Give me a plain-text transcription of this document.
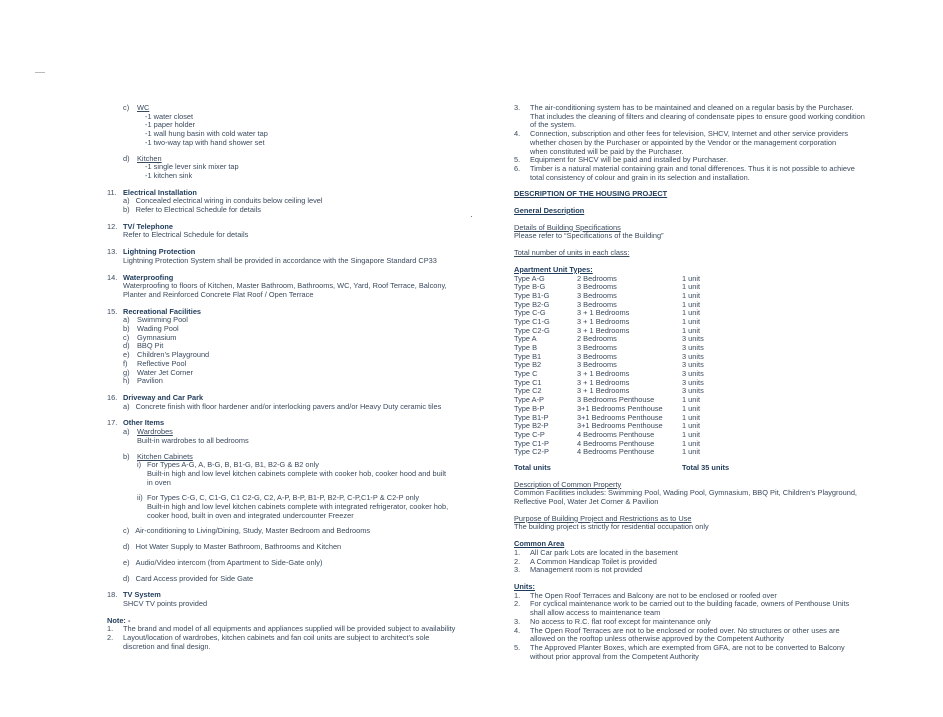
c) WC
-1 water closet
-1 paper holder
-1 wall hung basin with cold water tap
-1 two-way tap with hand shower set
d) Kitchen
-1 single lever sink mixer tap
-1 kitchen sink
11. Electrical Installation
a) Concealed electrical wiring in conduits below ceiling level
b) Refer to Electrical Schedule for details
12. TV/ Telephone
Refer to Electrical Schedule for details
13. Lightning Protection
Lightning Protection System shall be provided in accordance with the Singapore Standard CP33
14. Waterproofing
Waterproofing to floors of Kitchen, Master Bathroom, Bathrooms, WC, Yard, Roof Terrace, Balcony,
Planter and Reinforced Concrete Flat Roof / Open Terrace
15. Recreational Facilities
a) Swimming Pool
b) Wading Pool
c) Gymnasium
d) BBQ Pit
e) Children’s Playground
f) Reflective Pool
g) Water Jet Corner
h) Pavilion
16. Driveway and Car Park
a) Concrete finish with floor hardener and/or interlocking pavers and/or Heavy Duty ceramic tiles
17. Other Items
a) Wardrobes
Built-in wardrobes to all bedrooms
b) Kitchen Cabinets
i) For Types A-G, A, B-G, B, B1-G, B1, B2-G & B2 only
Built-in high and low level kitchen cabinets complete with cooker hob, cooker hood and built
in oven
ii) For Types C-G, C, C1-G, C1 C2-G, C2, A-P, B-P, B1-P, B2-P, C-P,C1-P & C2-P only
Built-in high and low level kitchen cabinets complete with integrated refrigerator, cooker hob,
cooker hood, built in oven and integrated undercounter Freezer
c) Air-conditioning to Living/Dining, Study, Master Bedroom and Bedrooms
d) Hot Water Supply to Master Bathroom, Bathrooms and Kitchen
e) Audio/Video intercom (from Apartment to Side-Gate only)
d) Card Access provided for Side Gate
18. TV System
SHCV TV points provided
Note: -
1. The brand and model of all equipments and appliances supplied will be provided subject to availability
2. Layout/location of wardrobes, kitchen cabinets and fan coil units are subject to architect’s sole
discretion and final design.
3. The air-conditioning system has to be maintained and cleaned on a regular basis by the Purchaser.
That includes the cleaning of filters and clearing of condensate pipes to ensure good working condition
of the system.
4. Connection, subscription and other fees for television, SHCV, Internet and other service providers
whether chosen by the Purchaser or appointed by the Vendor or the management corporation
when constituted will be paid by the Purchaser.
5. Equipment for SHCV will be paid and installed by Purchaser.
6. Timber is a natural material containing grain and tonal differences. Thus it is not possible to achieve
total consistency of colour and grain in its selection and installation.
DESCRIPTION OF THE HOUSING PROJECT
General Description
Details of Building Specifications
Please refer to “Specifications of the Building”
Total number of units in each class:
Apartment Unit Types:
Type A-G	2 Bedrooms	1 unit
Type B-G	3 Bedrooms	1 unit
Type B1-G	3 Bedrooms	1 unit
Type B2-G	3 Bedrooms	1 unit
Type C-G	3 + 1 Bedrooms	1 unit
Type C1-G	3 + 1 Bedrooms	1 unit
Type C2-G	3 + 1 Bedrooms	1 unit
Type A	2 Bedrooms	3 units
Type B	3 Bedrooms	3 units
Type B1	3 Bedrooms	3 units
Type B2	3 Bedrooms	3 units
Type C	3 + 1 Bedrooms	3 units
Type C1	3 + 1 Bedrooms	3 units
Type C2	3 + 1 Bedrooms	3 units
Type A-P	3 Bedrooms Penthouse	1 unit
Type B-P	3+1 Bedrooms Penthouse	1 unit
Type B1-P	3+1 Bedrooms Penthouse	1 unit
Type B2-P	3+1 Bedrooms Penthouse	1 unit
Type C-P	4 Bedrooms Penthouse	1 unit
Type C1-P	4 Bedrooms Penthouse	1 unit
Type C2-P	4 Bedrooms Penthouse	1 unit
Total units	Total 35 units
Description of Common Property
Common Facilities includes: Swimming Pool, Wading Pool, Gymnasium, BBQ Pit, Children’s Playground,
Reflective Pool, Water Jet Corner & Pavilion
Purpose of Building Project and Restrictions as to Use
The building project is strictly for residential occupation only
Common Area
1. All Car park Lots are located in the basement
2. A Common Handicap Toilet is provided
3. Management room is not provided
Units:
1. The Open Roof Terraces and Balcony are not to be enclosed or roofed over
2. For cyclical maintenance work to be carried out to the building facade, owners of Penthouse Units
shall allow access to maintenance team
3. No access to R.C. flat roof except for maintenance only
4. The Open Roof Terraces are not to be enclosed or roofed over. No structures or other uses are
allowed on the rooftop unless otherwise approved by the Competent Authority
5. The Approved Planter Boxes, which are exempted from GFA, are not to be converted to Balcony
without prior approval from the Competent Authority
